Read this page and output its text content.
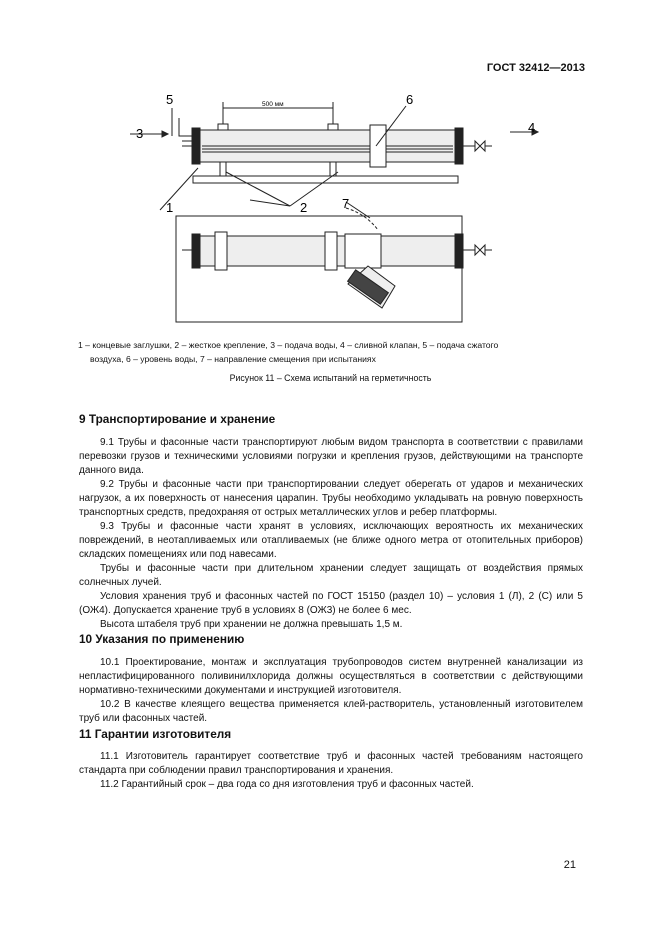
ГОСТ 32412—2013
5
3
6
4
1	2	7
500 мм
1 – концевые заглушки, 2 – жесткое крепление, 3 – подача воды, 4 – сливной клапан, 5 – подача сжатого
воздуха, 6 – уровень воды, 7 – направление смещения при испытаниях
Рисунок 11 – Схема испытаний на герметичность
9 Транспортирование и хранение

9.1 Трубы и фасонные части транспортируют любым видом транспорта в соответствии с правилами перевозки грузов и техническими условиями погрузки и крепления грузов, действующими на транспорте данного вида.

9.2 Трубы и фасонные части при транспортировании следует оберегать от ударов и механических нагрузок, а их поверхность от нанесения царапин. Трубы необходимо укладывать на ровную поверхность транспортных средств, предохраняя от острых металлических углов и ребер платформы.

9.3 Трубы и фасонные части хранят в условиях, исключающих вероятность их механических повреждений, в неотапливаемых или отапливаемых (не ближе одного метра от отопительных приборов) складских помещениях или под навесами.

Трубы и фасонные части при длительном хранении следует защищать от воздействия прямых солнечных лучей.

Условия хранения труб и фасонных частей по ГОСТ 15150 (раздел 10) – условия 1 (Л), 2 (С) или 5 (ОЖ4). Допускается хранение труб в условиях 8 (ОЖ3) не более 6 мес.

Высота штабеля труб при хранении не должна превышать 1,5 м.

10 Указания по применению

10.1 Проектирование, монтаж и эксплуатация трубопроводов систем внутренней канализации из непластифицированного поливинилхлорида должны осуществляться в соответствии с действующими нормативно-техническими документами и инструкцией изготовителя.

10.2 В качестве клеящего вещества применяется клей-растворитель, установленный изготовителем труб или фасонных частей.

11 Гарантии изготовителя

11.1 Изготовитель гарантирует соответствие труб и фасонных частей требованиям настоящего стандарта при соблюдении правил транспортирования и хранения.

11.2 Гарантийный срок – два года со дня изготовления труб и фасонных частей.

21
